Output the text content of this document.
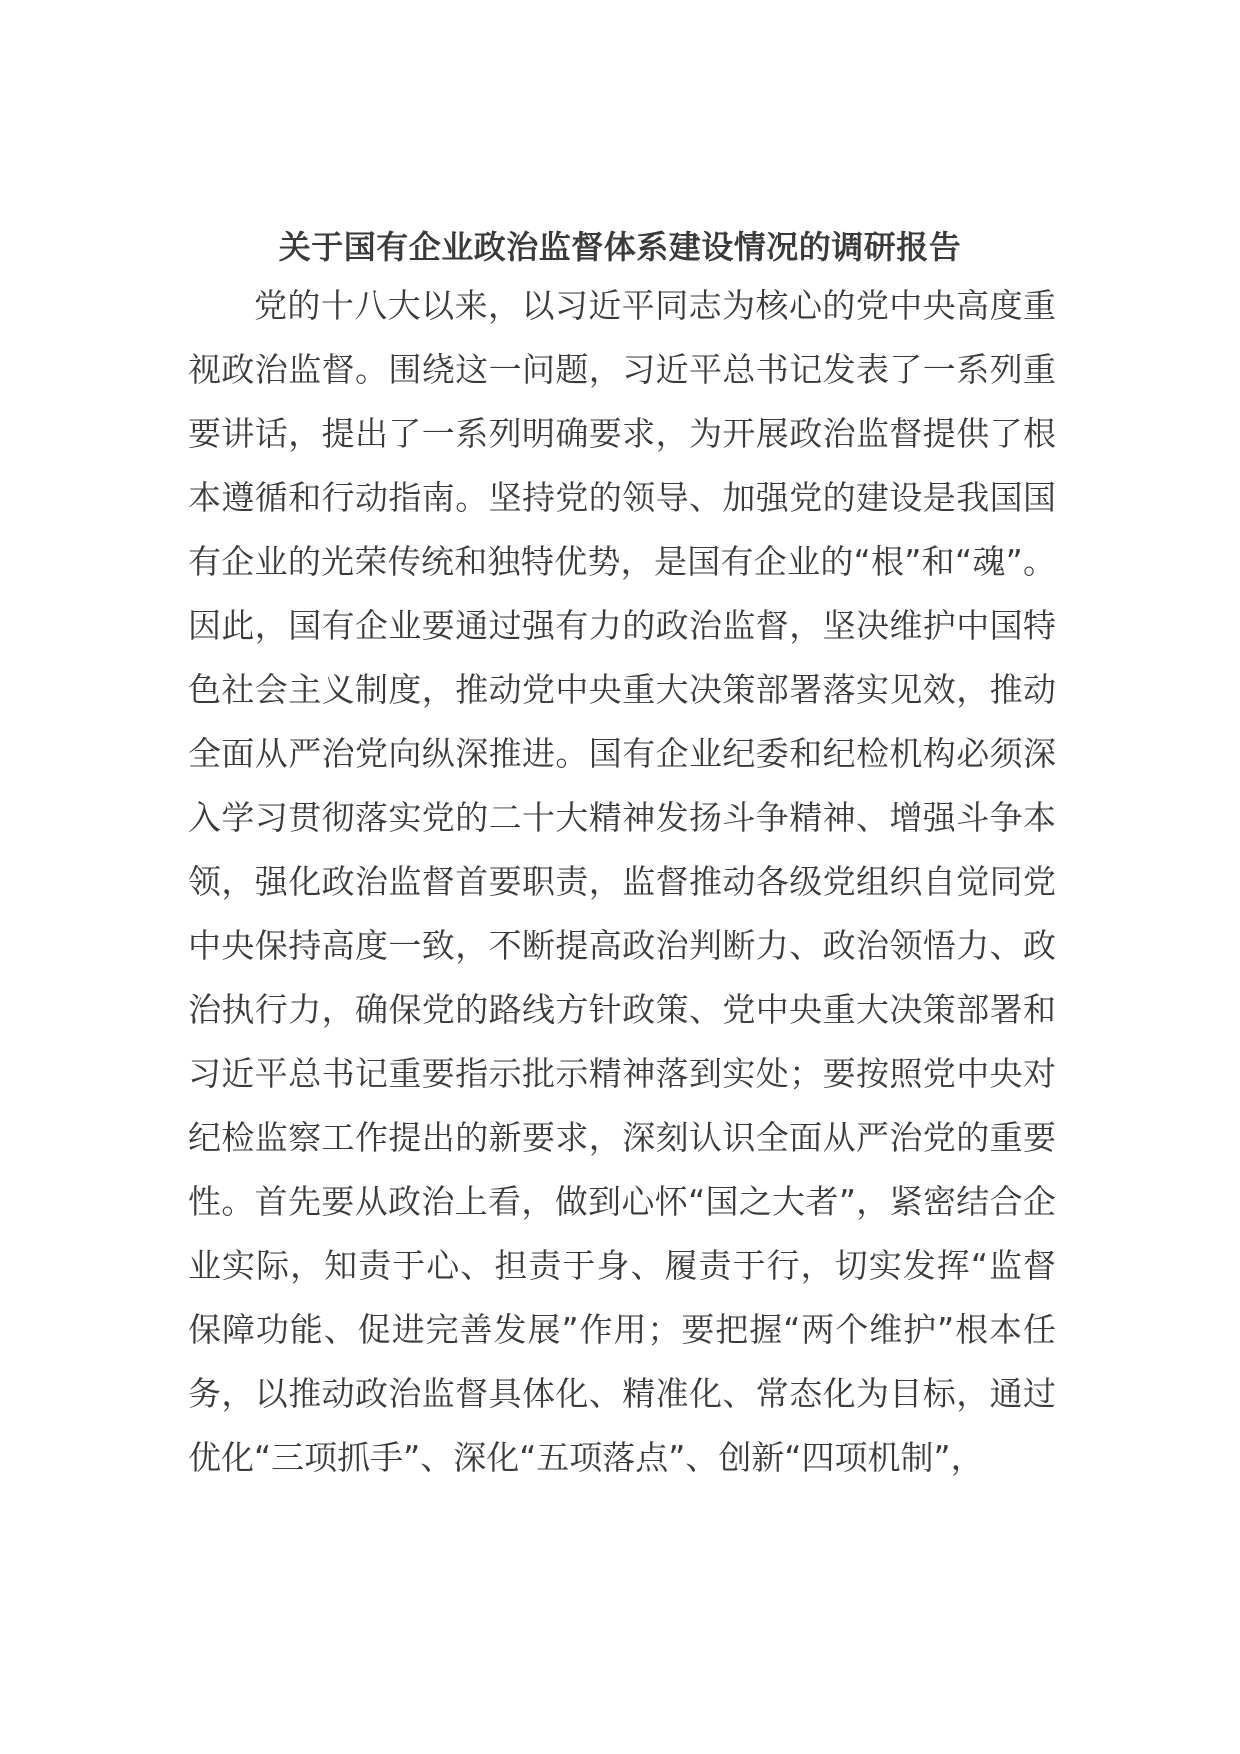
关于国有企业政治监督体系建设情况的调研报告

党的十八大以来，以习近平同志为核心的党中央高度重视政治监督。围绕这一问题，习近平总书记发表了一系列重要讲话，提出了一系列明确要求，为开展政治监督提供了根本遵循和行动指南。坚持党的领导、加强党的建设是我国国有企业的光荣传统和独特优势，是国有企业的“根”和“魂”。因此，国有企业要通过强有力的政治监督，坚决维护中国特色社会主义制度，推动党中央重大决策部署落实见效，推动全面从严治党向纵深推进。国有企业纪委和纪检机构必须深入学习贯彻落实党的二十大精神发扬斗争精神、增强斗争本领，强化政治监督首要职责，监督推动各级党组织自觉同党中央保持高度一致，不断提高政治判断力、政治领悟力、政治执行力，确保党的路线方针政策、党中央重大决策部署和习近平总书记重要指示批示精神落到实处；要按照党中央对纪检监察工作提出的新要求，深刻认识全面从严治党的重要性。首先要从政治上看，做到心怀“国之大者”，紧密结合企业实际，知责于心、担责于身、履责于行，切实发挥“监督保障功能、促进完善发展”作用；要把握“两个维护”根本任务，以推动政治监督具体化、精准化、常态化为目标，通过优化“三项抓手”、深化“五项落点”、创新“四项机制”，
